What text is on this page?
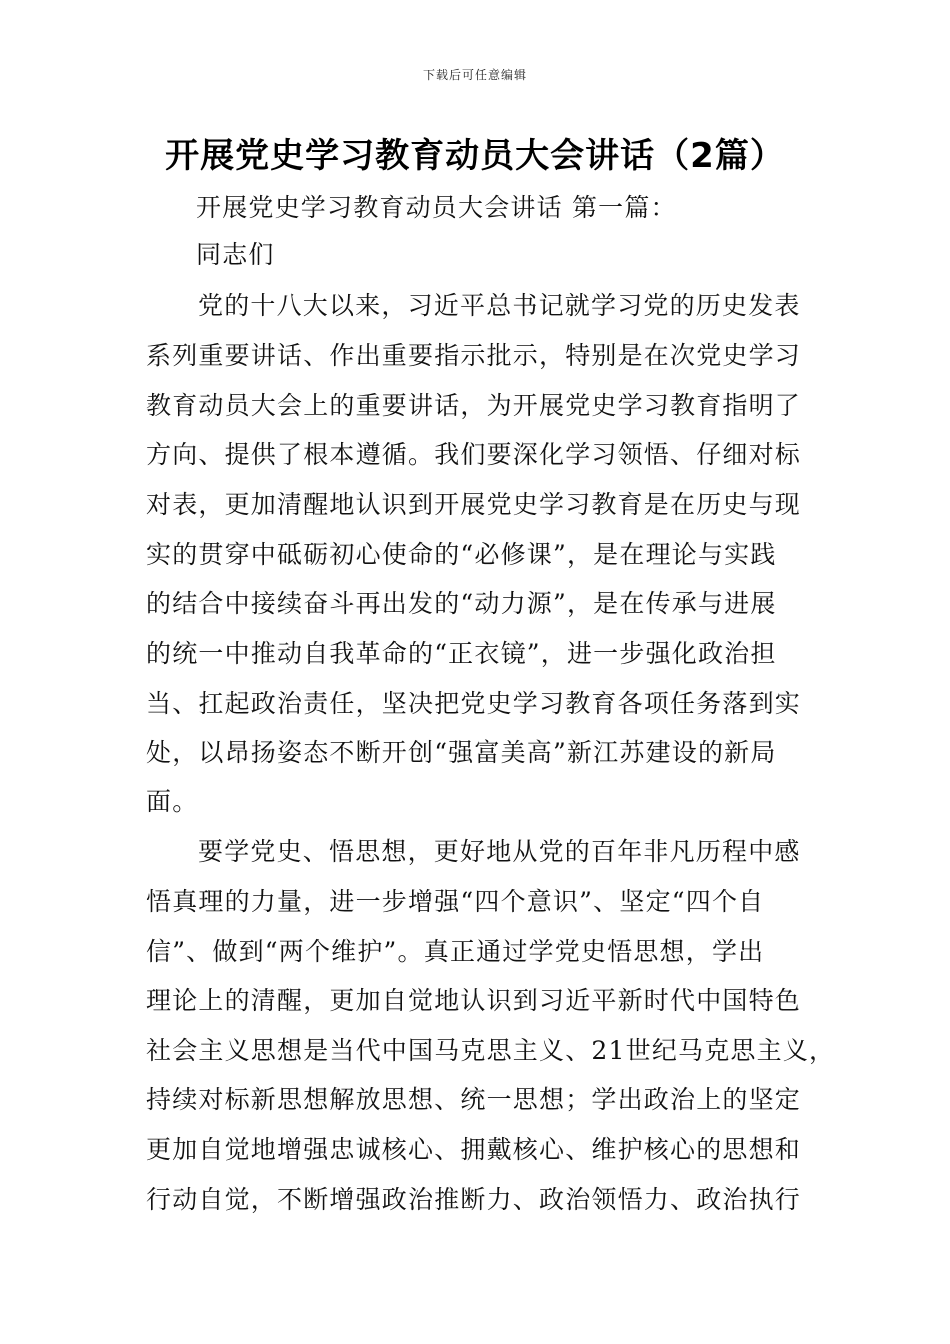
下载后可任意编辑
开展党史学习教育动员大会讲话（2篇）
开展党史学习教育动员大会讲话 第一篇：
同志们
党的十八大以来，习近平总书记就学习党的历史发表
系列重要讲话、作出重要指示批示，特别是在次党史学习
教育动员大会上的重要讲话，为开展党史学习教育指明了
方向、提供了根本遵循。我们要深化学习领悟、仔细对标
对表，更加清醒地认识到开展党史学习教育是在历史与现
实的贯穿中砥砺初心使命的“必修课”，是在理论与实践
的结合中接续奋斗再出发的“动力源”，是在传承与进展
的统一中推动自我革命的“正衣镜”，进一步强化政治担
当、扛起政治责任，坚决把党史学习教育各项任务落到实
处，以昂扬姿态不断开创“强富美高”新江苏建设的新局
面。
要学党史、悟思想，更好地从党的百年非凡历程中感
悟真理的力量，进一步增强“四个意识”、坚定“四个自
信”、做到“两个维护”。真正通过学党史悟思想，学出
理论上的清醒，更加自觉地认识到习近平新时代中国特色
社会主义思想是当代中国马克思主义、21世纪马克思主义，
持续对标新思想解放思想、统一思想；学出政治上的坚定
更加自觉地增强忠诚核心、拥戴核心、维护核心的思想和
行动自觉，不断增强政治推断力、政治领悟力、政治执行
